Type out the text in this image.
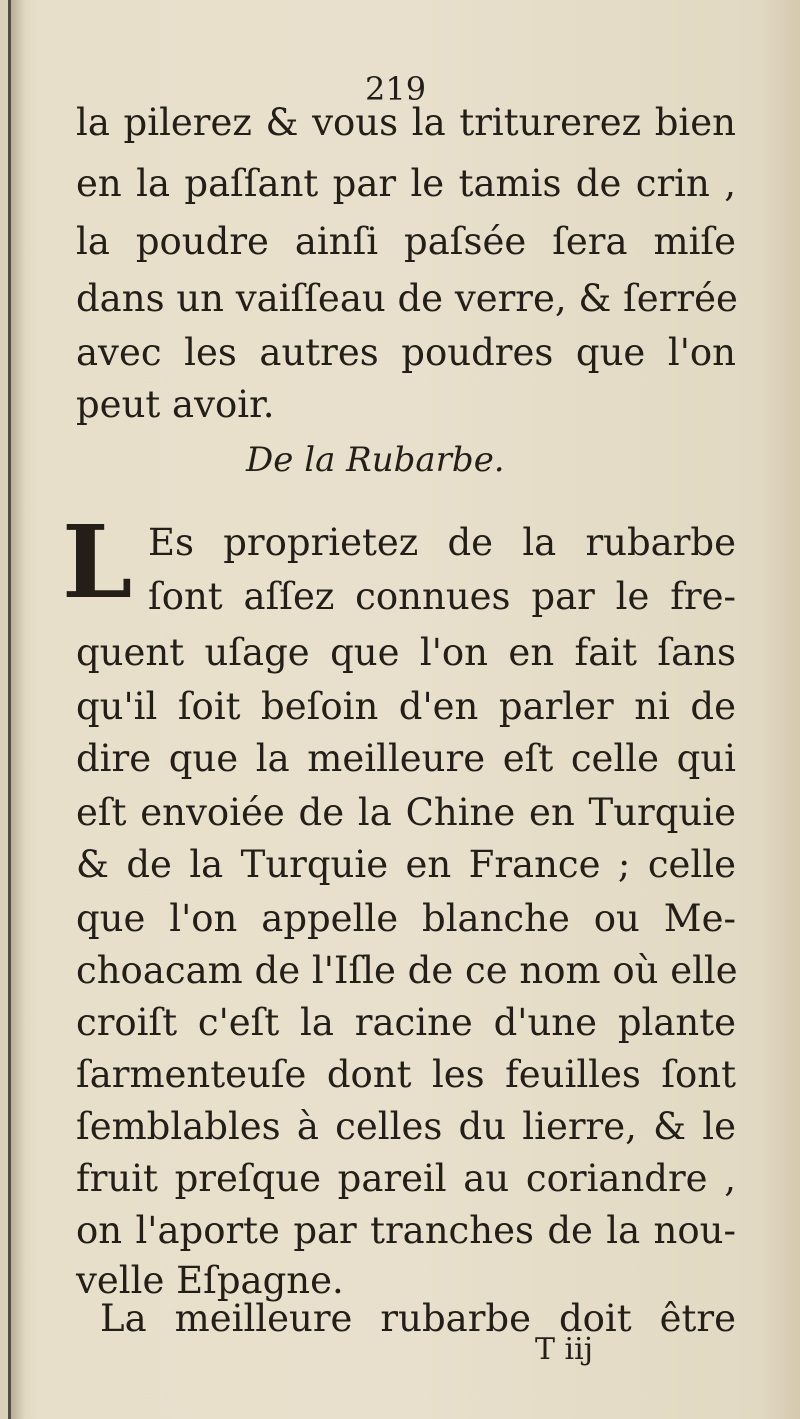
219

la pilerez & vous la triturerez bien

en la paſſant par le tamis de crin ,

la poudre ainſi paſsée ſera miſe

dans un vaiſſeau de verre, & ſerrée

avec les autres poudres que l'on

peut avoir.

De la Rubarbe.

L Es proprietez de la rubarbe

ſont aſſez connues par le fre-

quent uſage que l'on en fait ſans

qu'il ſoit beſoin d'en parler ni de

dire que la meilleure eſt celle qui

eſt envoiée de la Chine en Turquie

& de la Turquie en France ; celle

que l'on appelle blanche ou Me-

choacam de l'Iſle de ce nom où elle

croiſt c'eſt la racine d'une plante

ſarmenteuſe dont les feuilles ſont

ſemblables à celles du lierre, & le

fruit preſque pareil au coriandre ,

on l'aporte par tranches de la nou-

velle Eſpagne.

La meilleure rubarbe doit être

T iij
